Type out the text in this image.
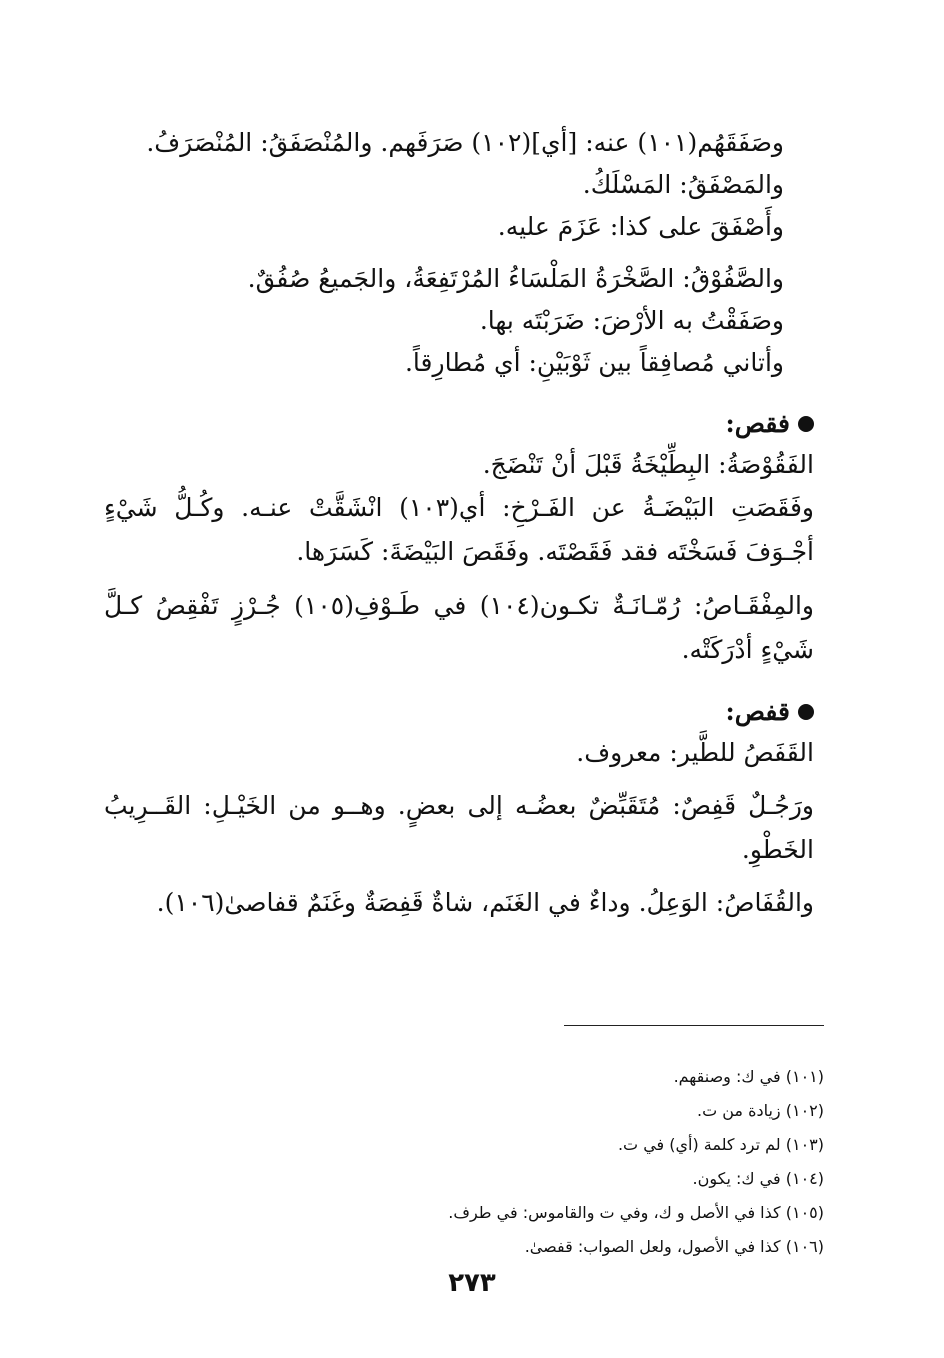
وصَفَقَهُم(١٠١) عنه: [أي](١٠٢) صَرَفَهم. والمُنْصَفَقُ: المُنْصَرَفُ.

والمَصْفَقُ: المَسْلَكُ.

وأَصْفَقَ على كذا: عَزَمَ عليه.

والصَّفُوْقُ: الصَّخْرَةُ المَلْسَاءُ المُرْتَفِعَةُ، والجَميعُ صُفُقٌ.

وصَفَقْتُ به الأرْضَ: ضَرَبْتَه بها.

وأتاني مُصافِقاً بين ثَوْبَيْنِ: أي مُطارِقاً.

فقص:

الفَقُوْصَةُ: البِطِّيْخَةُ قَبْلَ أنْ تَنْضَجَ.

وفَقَصَتِ البَيْضَـةُ عن الفَـرْخِ: أي(١٠٣) انْشَقَّتْ عنـه. وكُـلُّ شَيْءٍ أجْـوَفَ فَسَخْتَه فقد فَقَصْتَه. وفَقَصَ البَيْضَةَ: كَسَرَها.

والمِفْقَـاصُ: رُمّـانَـةٌ تكـون(١٠٤) في طَـوْفِ(١٠٥) جُـرْزٍ تَفْقِصُ كـلَّ شَيْءٍ أدْرَكَتْه.

قفص:

القَفَصُ للطَّير: معروف.

ورَجُـلٌ قَفِصٌ: مُتَقَبِّضٌ بعضُـه إلى بعضٍ. وهــو من الخَيْـلِ: القَــرِيبُ الخَطْوِ.

والقُفَاصُ: الوَعِلُ. وداءٌ في الغَنَم، شاةٌ قَفِصَةٌ وغَنَمٌ قفاصىٰ(١٠٦).

(١٠١) في ك: وصنقهم.
(١٠٢) زيادة من ت.
(١٠٣) لم ترد كلمة (أي) في ت.
(١٠٤) في ك: يكون.
(١٠٥) كذا في الأصل و ك، وفي ت والقاموس: في طرف.
(١٠٦) كذا في الأصول، ولعل الصواب: قفصىٰ.
٢٧٣
